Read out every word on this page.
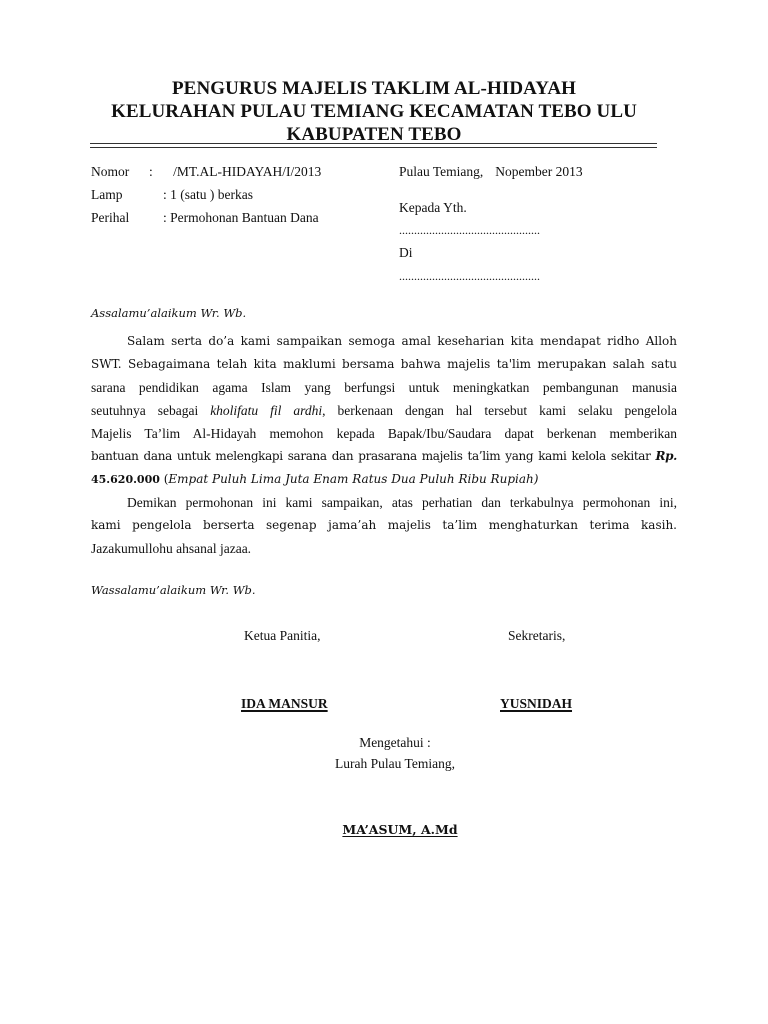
PENGURUS MAJELIS TAKLIM AL-HIDAYAH
KELURAHAN PULAU TEMIANG KECAMATAN TEBO ULU
KABUPATEN TEBO
Nomor	: /MT.AL-HIDAYAH/I/2013
Lamp	: 1 (satu ) berkas
Perihal	: Permohonan Bantuan Dana
Pulau Temiang, Nopember 2013
Kepada Yth.
...............................................
Di
...............................................
Assalamu’alaikum Wr. Wb.
Salam serta do’a kami sampaikan semoga amal keseharian kita mendapat ridho Alloh
SWT. Sebagaimana telah kita maklumi bersama bahwa majelis ta'lim merupakan salah satu
sarana pendidikan agama Islam yang berfungsi untuk meningkatkan pembangunan manusia
seutuhnya sebagai kholifatu fil ardhi, berkenaan dengan hal tersebut kami selaku pengelola
Majelis Ta’lim Al-Hidayah memohon kepada Bapak/Ibu/Saudara dapat berkenan memberikan
bantuan dana untuk melengkapi sarana dan prasarana majelis ta’lim yang kami kelola sekitar Rp.
45.620.000 (Empat Puluh Lima Juta Enam Ratus Dua Puluh Ribu Rupiah)
Demikan permohonan ini kami sampaikan, atas perhatian dan terkabulnya permohonan ini,
kami pengelola berserta segenap jama’ah majelis ta’lim menghaturkan terima kasih.
Jazakumullohu ahsanal jazaa.
Wassalamu’alaikum Wr. Wb.
Ketua Panitia,	Sekretaris,
IDA MANSUR	YUSNIDAH
Mengetahui :
Lurah Pulau Temiang,
MA’ASUM, A.Md
